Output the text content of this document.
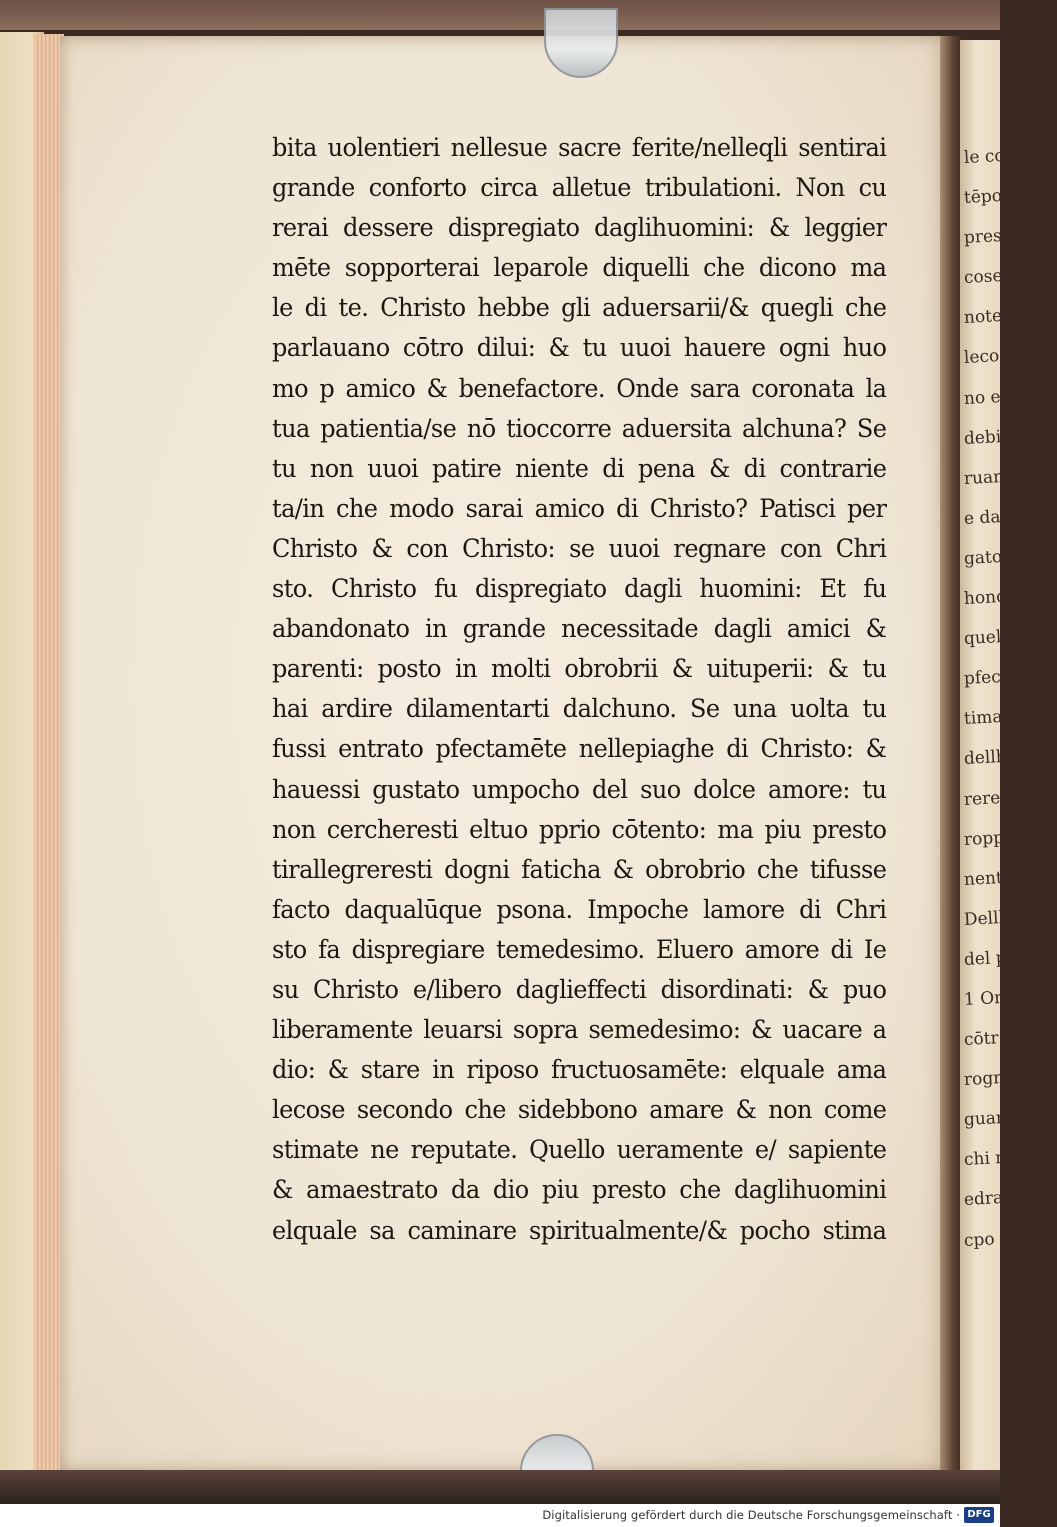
bita uolentieri nellesue sacre ferite/nelleqli sentirai
grande conforto circa alletue tribulationi. Non cu
rerai dessere dispregiato daglihuomini: & leggier
mēte sopporterai leparole diquelli che dicono ma
le di te. Christo hebbe gli aduersarii/& quegli che
parlauano cōtro dilui: & tu uuoi hauere ogni huo
mo p amico & benefactore. Onde sara coronata la
tua patientia/se nō tioccorre aduersita alchuna? Se
tu non uuoi patire niente di pena & di contrarie
ta/in che modo sarai amico di Christo? Patisci per
Christo & con Christo: se uuoi regnare con Chri
sto. Christo fu dispregiato dagli huomini: Et fu
abandonato in grande necessitade dagli amici &
parenti: posto in molti obrobrii & uituperii: & tu
hai ardire dilamentarti dalchuno. Se una uolta tu
fussi entrato pfectamēte nellepiaghe di Christo: &
hauessi gustato umpocho del suo dolce amore: tu
non cercheresti eltuo pprio cōtento: ma piu presto
tirallegreresti dogni faticha & obrobrio che tifusse
facto daqualūque psona. Impoche lamore di Chri
sto fa dispregiare temedesimo. Eluero amore di Ie
su Christo e/libero daglieffecti disordinati: & puo
liberamente leuarsi sopra semedesimo: & uacare a
dio: & stare in riposo fructuosamēte: elquale ama
lecose secondo che sidebbono amare & non come
stimate ne reputate. Quello ueramente e/ sapiente
& amaestrato da dio piu presto che daglihuomini
elquale sa caminare spiritualmente/& pocho stima
le cose e
tēpo p h
presto li
cose exte
note nell
lecose au
no elbeni
debili & c
ruanto ir
e dalla ca
gato dall
hono in b
quello tie
pfectamē
tima. Niu
dellhuomi
rere. Se tu
ropportai
nente cam
Dellh
del pr
1 On
cōtr
rogni co
guarder
chi nuoc
edrai la
cpo elmo
Digitalisierung gefördert durch die Deutsche Forschungsgemeinschaft · DFG
